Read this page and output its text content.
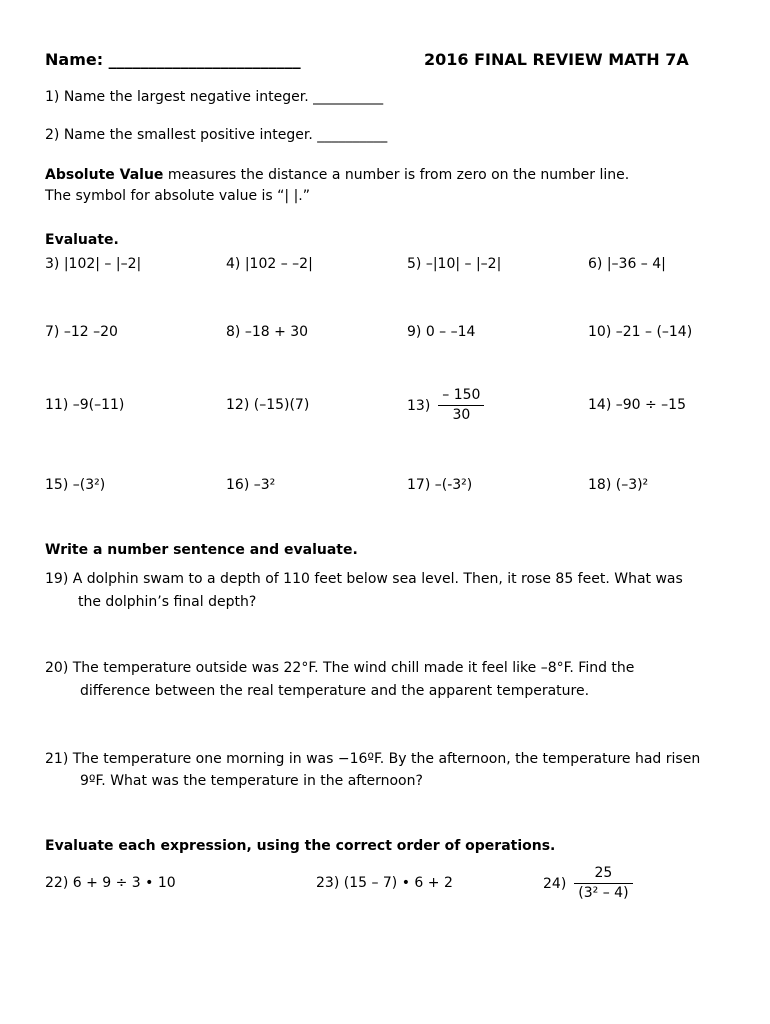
Name: ________________________	2016 FINAL REVIEW MATH 7A
1) Name the largest negative integer. __________
2) Name the smallest positive integer. __________
Absolute Value measures the distance a number is from zero on the number line.
The symbol for absolute value is “| |.”
Evaluate.
3) |102| – |–2|	4) |102 – –2|	5) –|10| – |–2|	6) |–36 – 4|
7) –12 –20	8) –18 + 30	9) 0 – –14	10) –21 – (–14)
11) –9(–11)	12) (–15)(7)	$13) \frac{- 150}{30}$	14) –90 ÷ –15
15) –(3²)	16) –3²	17) –(-3²)	18) (–3)²
Write a number sentence and evaluate.
19) A dolphin swam to a depth of 110 feet below sea level. Then, it rose 85 feet. What was
the dolphin’s final depth?
20) The temperature outside was 22°F. The wind chill made it feel like –8°F. Find the
difference between the real temperature and the apparent temperature.
21) The temperature one morning in was −16ºF. By the afternoon, the temperature had risen
9ºF. What was the temperature in the afternoon?
Evaluate each expression, using the correct order of operations.
22) 6 + 9 ÷ 3 • 10	23) (15 – 7) • 6 + 2	$24) \frac{25}{\text{(3² – 4)}}$
